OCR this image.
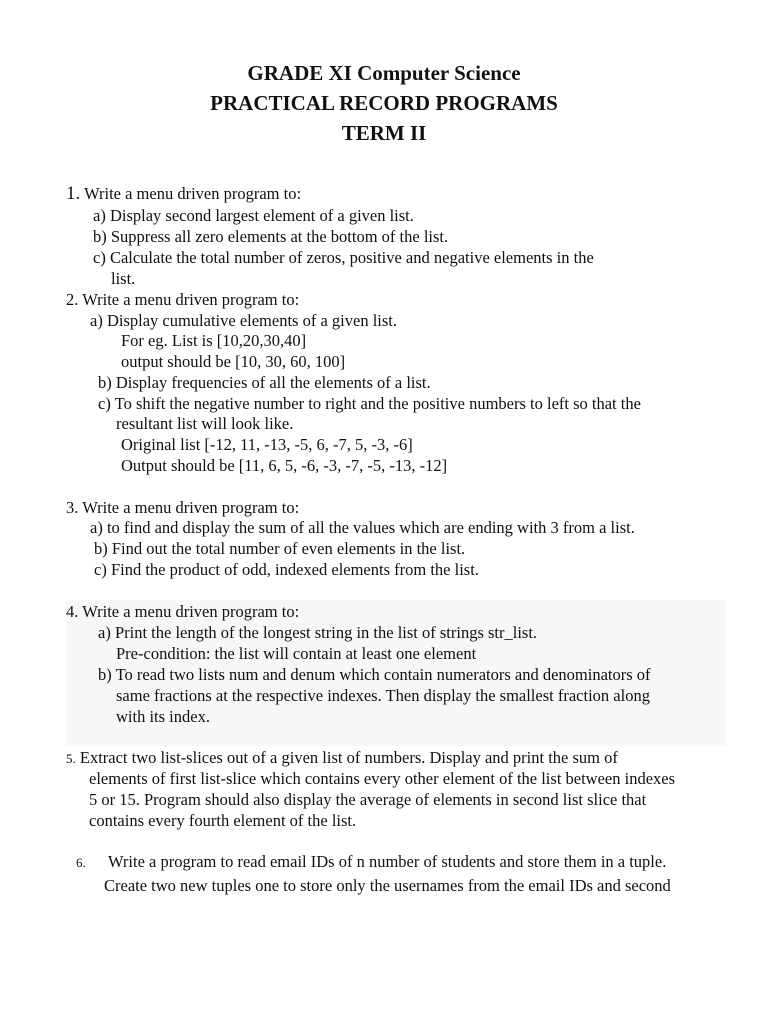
GRADE XI Computer Science
PRACTICAL RECORD PROGRAMS
TERM II
1. Write a menu driven program to:
a) Display second largest element of a given list.
b) Suppress all zero elements at the bottom of the list.
c) Calculate the total number of zeros, positive and negative elements in the
list.
2. Write a menu driven program to:
a) Display cumulative elements of a given list.
For eg. List is [10,20,30,40]
output should be [10, 30, 60, 100]
b) Display frequencies of all the elements of a list.
c) To shift the negative number to right and the positive numbers to left so that the
resultant list will look like.
Original list [-12, 11, -13, -5, 6, -7, 5, -3, -6]
Output should be [11, 6, 5, -6, -3, -7, -5, -13, -12]
3. Write a menu driven program to:
a) to find and display the sum of all the values which are ending with 3 from a list.
b) Find out the total number of even elements in the list.
c) Find the product of odd, indexed elements from the list.
4. Write a menu driven program to:
a) Print the length of the longest string in the list of strings str_list.
Pre-condition: the list will contain at least one element
b) To read two lists num and denum which contain numerators and denominators of
same fractions at the respective indexes. Then display the smallest fraction along
with its index.
5. Extract two list-slices out of a given list of numbers. Display and print the sum of
elements of first list-slice which contains every other element of the list between indexes
5 or 15. Program should also display the average of elements in second list slice that
contains every fourth element of the list.
6. Write a program to read email IDs of n number of students and store them in a tuple.
Create two new tuples one to store only the usernames from the email IDs and second
